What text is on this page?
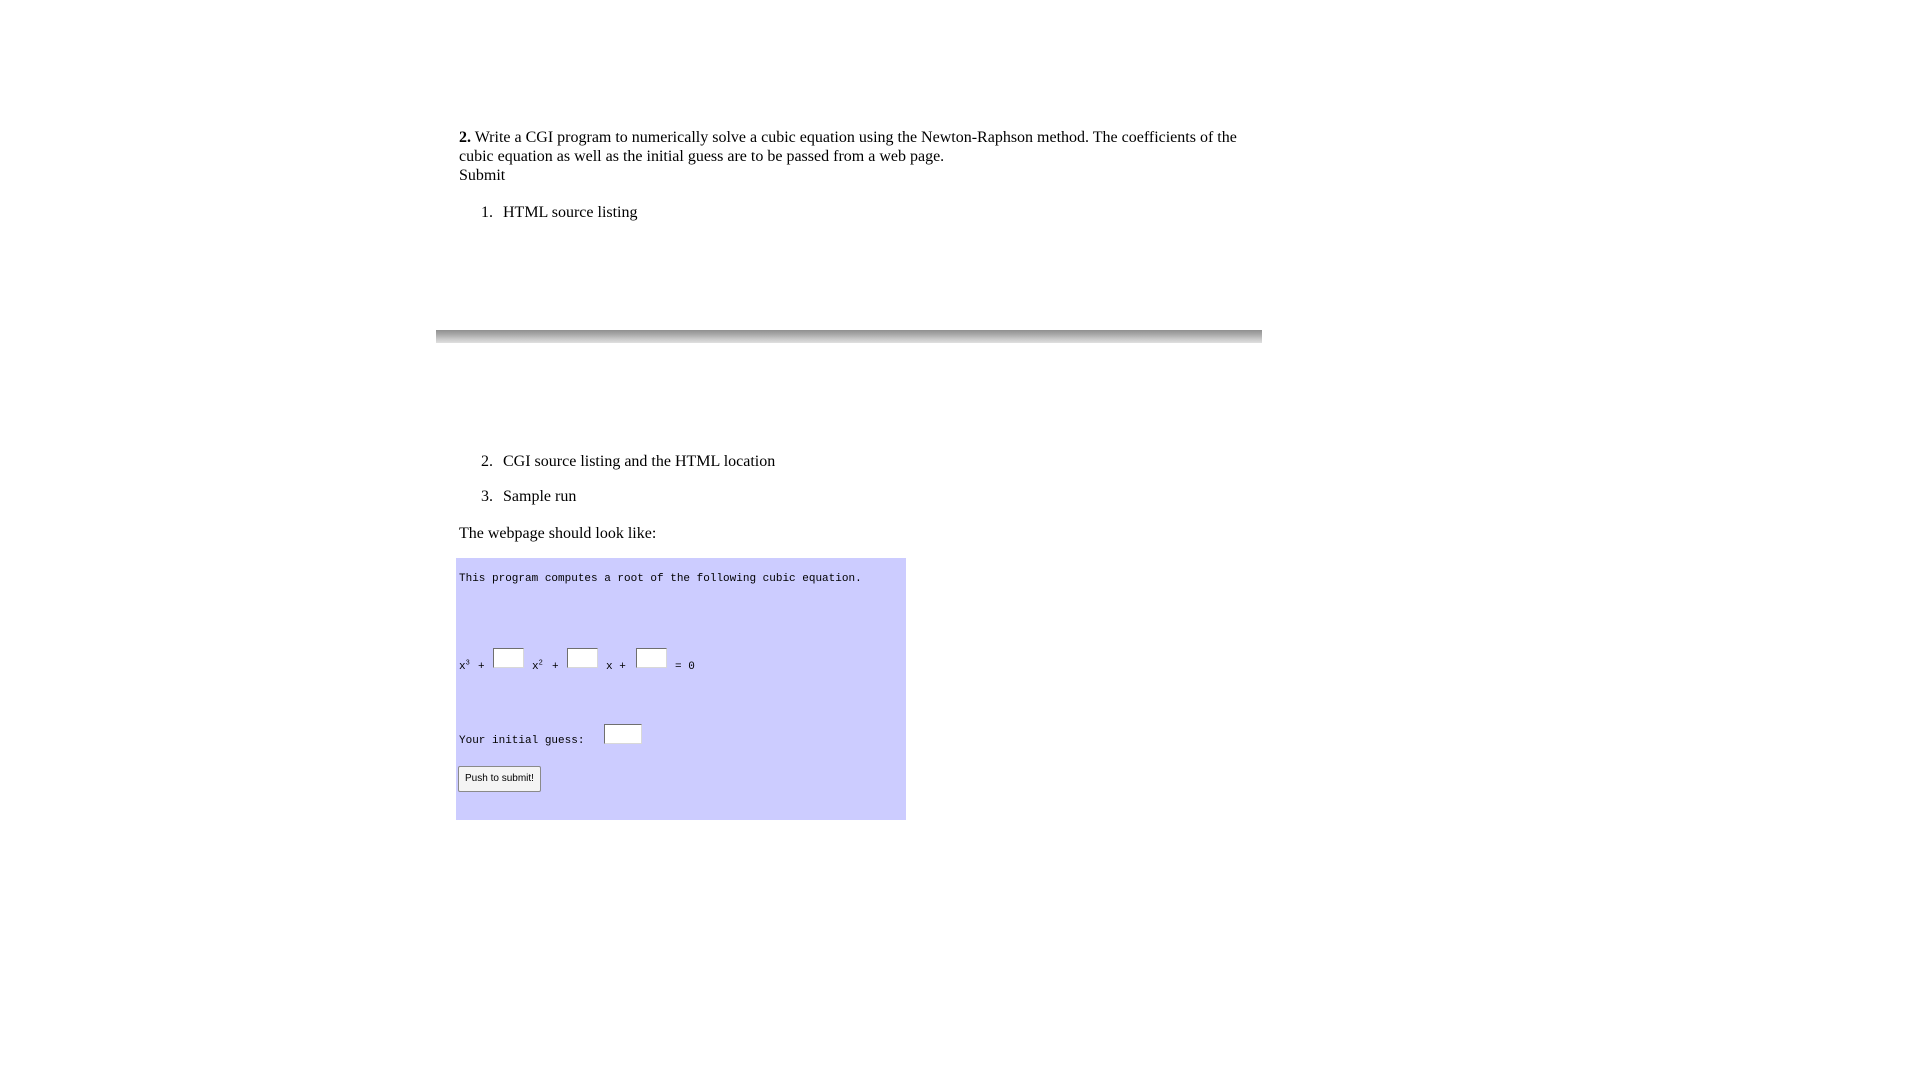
2. Write a CGI program to numerically solve a cubic equation using the Newton-Raphson method. The coefficients of the cubic equation as well as the initial guess are to be passed from a web page.
Submit
1. HTML source listing
2. CGI source listing and the HTML location
3. Sample run
The webpage should look like:
This program computes a root of the following cubic equation.
$x^3$ +	$x^2$ +	x +	= 0
Your initial guess:
Push to submit!
